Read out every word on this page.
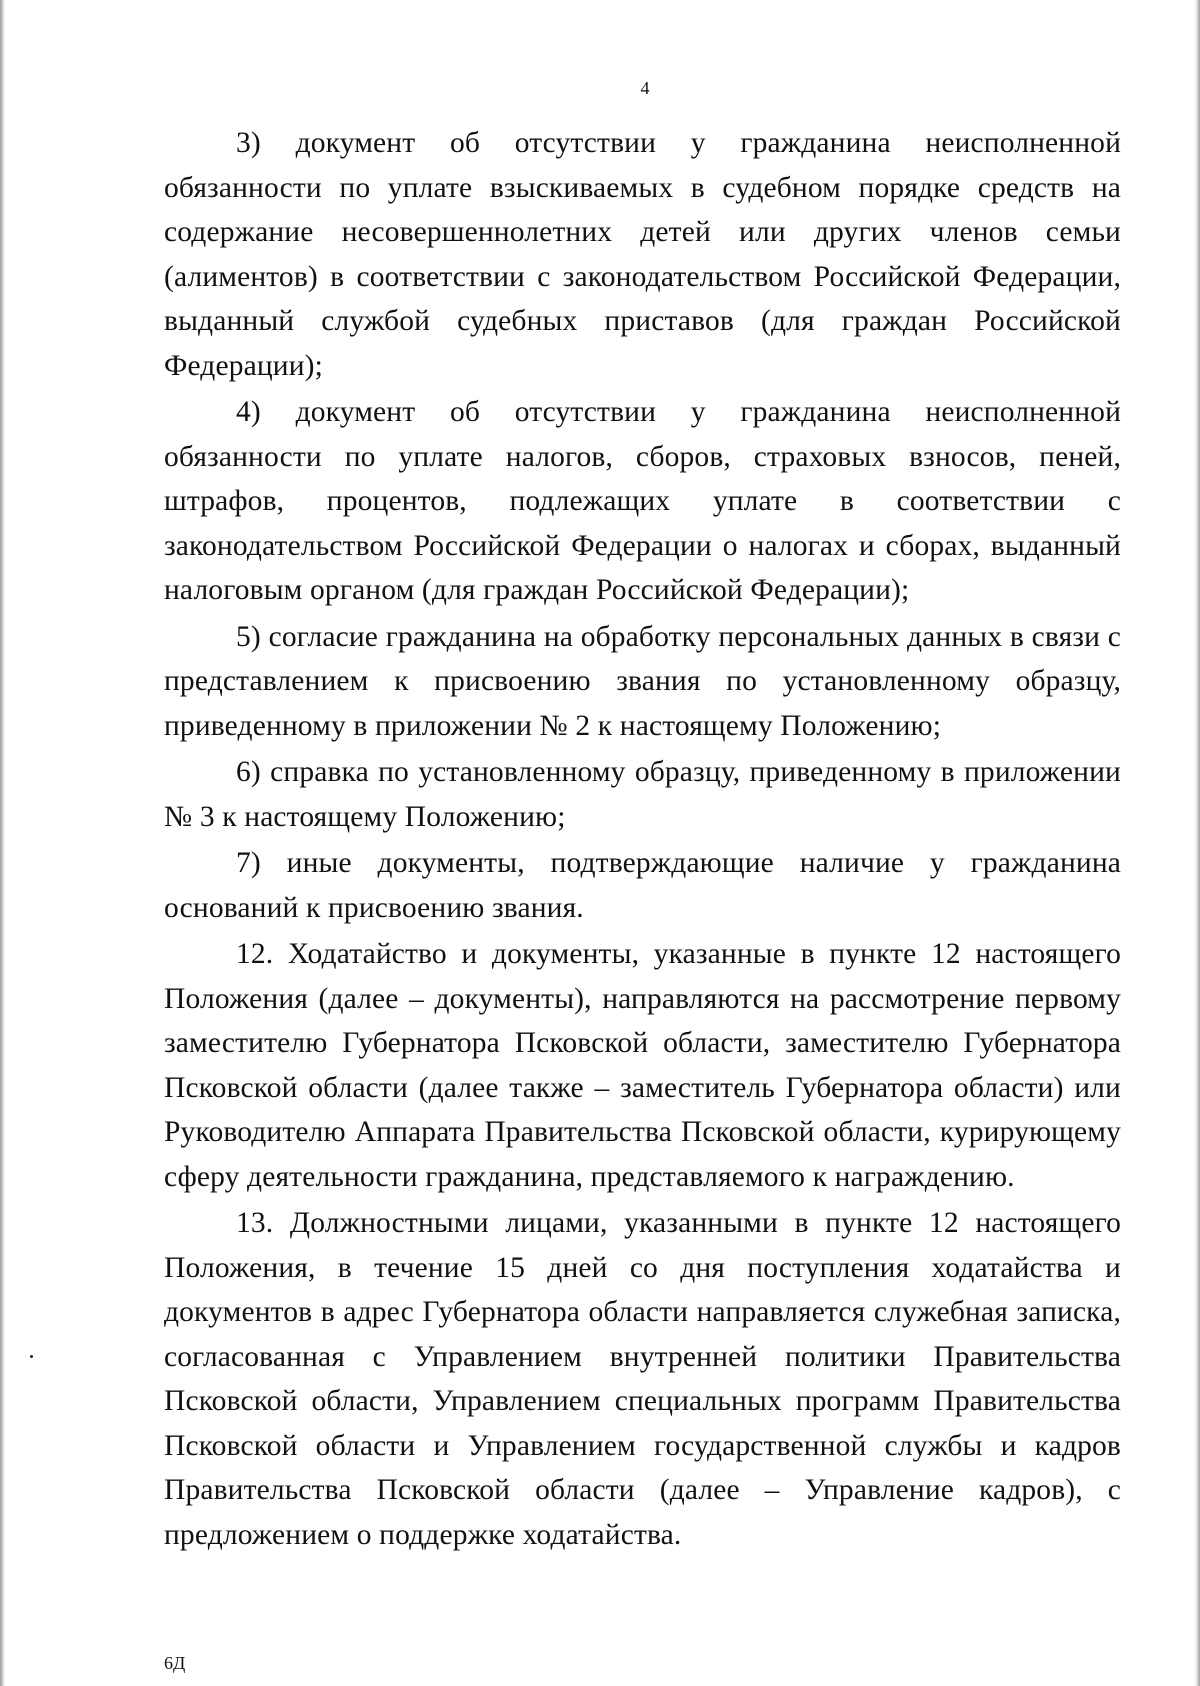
4

3) документ об отсутствии у гражданина неисполненной обязанности по уплате взыскиваемых в судебном порядке средств на содержание несовершеннолетних детей или других членов семьи (алиментов) в соответствии с законодательством Российской Федерации, выданный службой судебных приставов (для граждан Российской Федерации);

4) документ об отсутствии у гражданина неисполненной обязанности по уплате налогов, сборов, страховых взносов, пеней, штрафов, процентов, подлежащих уплате в соответствии с законодательством Российской Федерации о налогах и сборах, выданный налоговым органом (для граждан Российской Федерации);

5) согласие гражданина на обработку персональных данных в связи с представлением к присвоению звания по установленному образцу, приведенному в приложении № 2 к настоящему Положению;

6) справка по установленному образцу, приведенному в приложении № 3 к настоящему Положению;

7) иные документы, подтверждающие наличие у гражданина оснований к присвоению звания.

12. Ходатайство и документы, указанные в пункте 12 настоящего Положения (далее – документы), направляются на рассмотрение первому заместителю Губернатора Псковской области, заместителю Губернатора Псковской области (далее также – заместитель Губернатора области) или Руководителю Аппарата Правительства Псковской области, курирующему сферу деятельности гражданина, представляемого к награждению.

13. Должностными лицами, указанными в пункте 12 настоящего Положения, в течение 15 дней со дня поступления ходатайства и документов в адрес Губернатора области направляется служебная записка, согласованная с Управлением внутренней политики Правительства Псковской области, Управлением специальных программ Правительства Псковской области и Управлением государственной службы и кадров Правительства Псковской области (далее – Управление кадров), с предложением о поддержке ходатайства.

6Д
